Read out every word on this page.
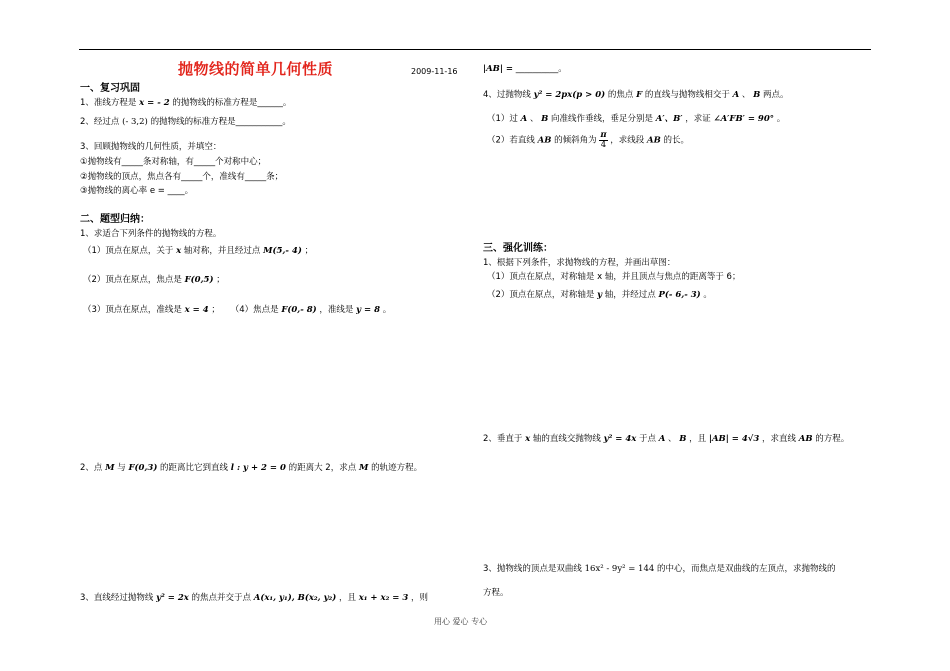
抛物线的简单几何性质	2009-11-16
一、复习巩固
1、准线方程是 x = - 2 的抛物线的标准方程是______。
2、经过点 (- 3,2) 的抛物线的标准方程是___________。
3、回顾抛物线的几何性质，并填空：
①抛物线有_____条对称轴，有_____个对称中心；
②抛物线的顶点，焦点各有_____个，准线有_____条；
③抛物线的离心率 e = ____。
二、题型归纳：
1、求适合下列条件的抛物线的方程。
（1）顶点在原点，关于 x 轴对称，并且经过点 M(5,- 4) ；
（2）顶点在原点，焦点是 F(0,5) ；
（3）顶点在原点，准线是 x = 4 ； （4）焦点是 F(0,- 8) ，准线是 y = 8 。
2、点 M 与 F(0,3) 的距离比它到直线 l : y + 2 = 0 的距离大 2，求点 M 的轨迹方程。
3、直线经过抛物线 y² = 2x 的焦点并交于点 A(x₁, y₁), B(x₂, y₂) ，且 x₁ + x₂ = 3 ，则
|AB| = __________。
4、过抛物线 y² = 2px(p > 0) 的焦点 F 的直线与抛物线相交于 A 、 B 两点。
（1）过 A 、 B 向准线作垂线，垂足分别是 A′、B′ ，求证 ∠A′FB′ = 90° 。
（2）若直线 AB 的倾斜角为 $\frac{\pi}{4}$ ，求线段 AB 的长。
三、强化训练：
1、根据下列条件，求抛物线的方程，并画出草图：
（1）顶点在原点，对称轴是 x 轴，并且顶点与焦点的距离等于 6；
（2）顶点在原点，对称轴是 y 轴，并经过点 P(- 6,- 3) 。
2、垂直于 x 轴的直线交抛物线 y² = 4x 于点 A 、 B ，且 |AB| = 4√3 ，求直线 AB 的方程。
3、抛物线的顶点是双曲线 16x² - 9y² = 144 的中心，而焦点是双曲线的左顶点，求抛物线的
方程。
用心 爱心 专心
